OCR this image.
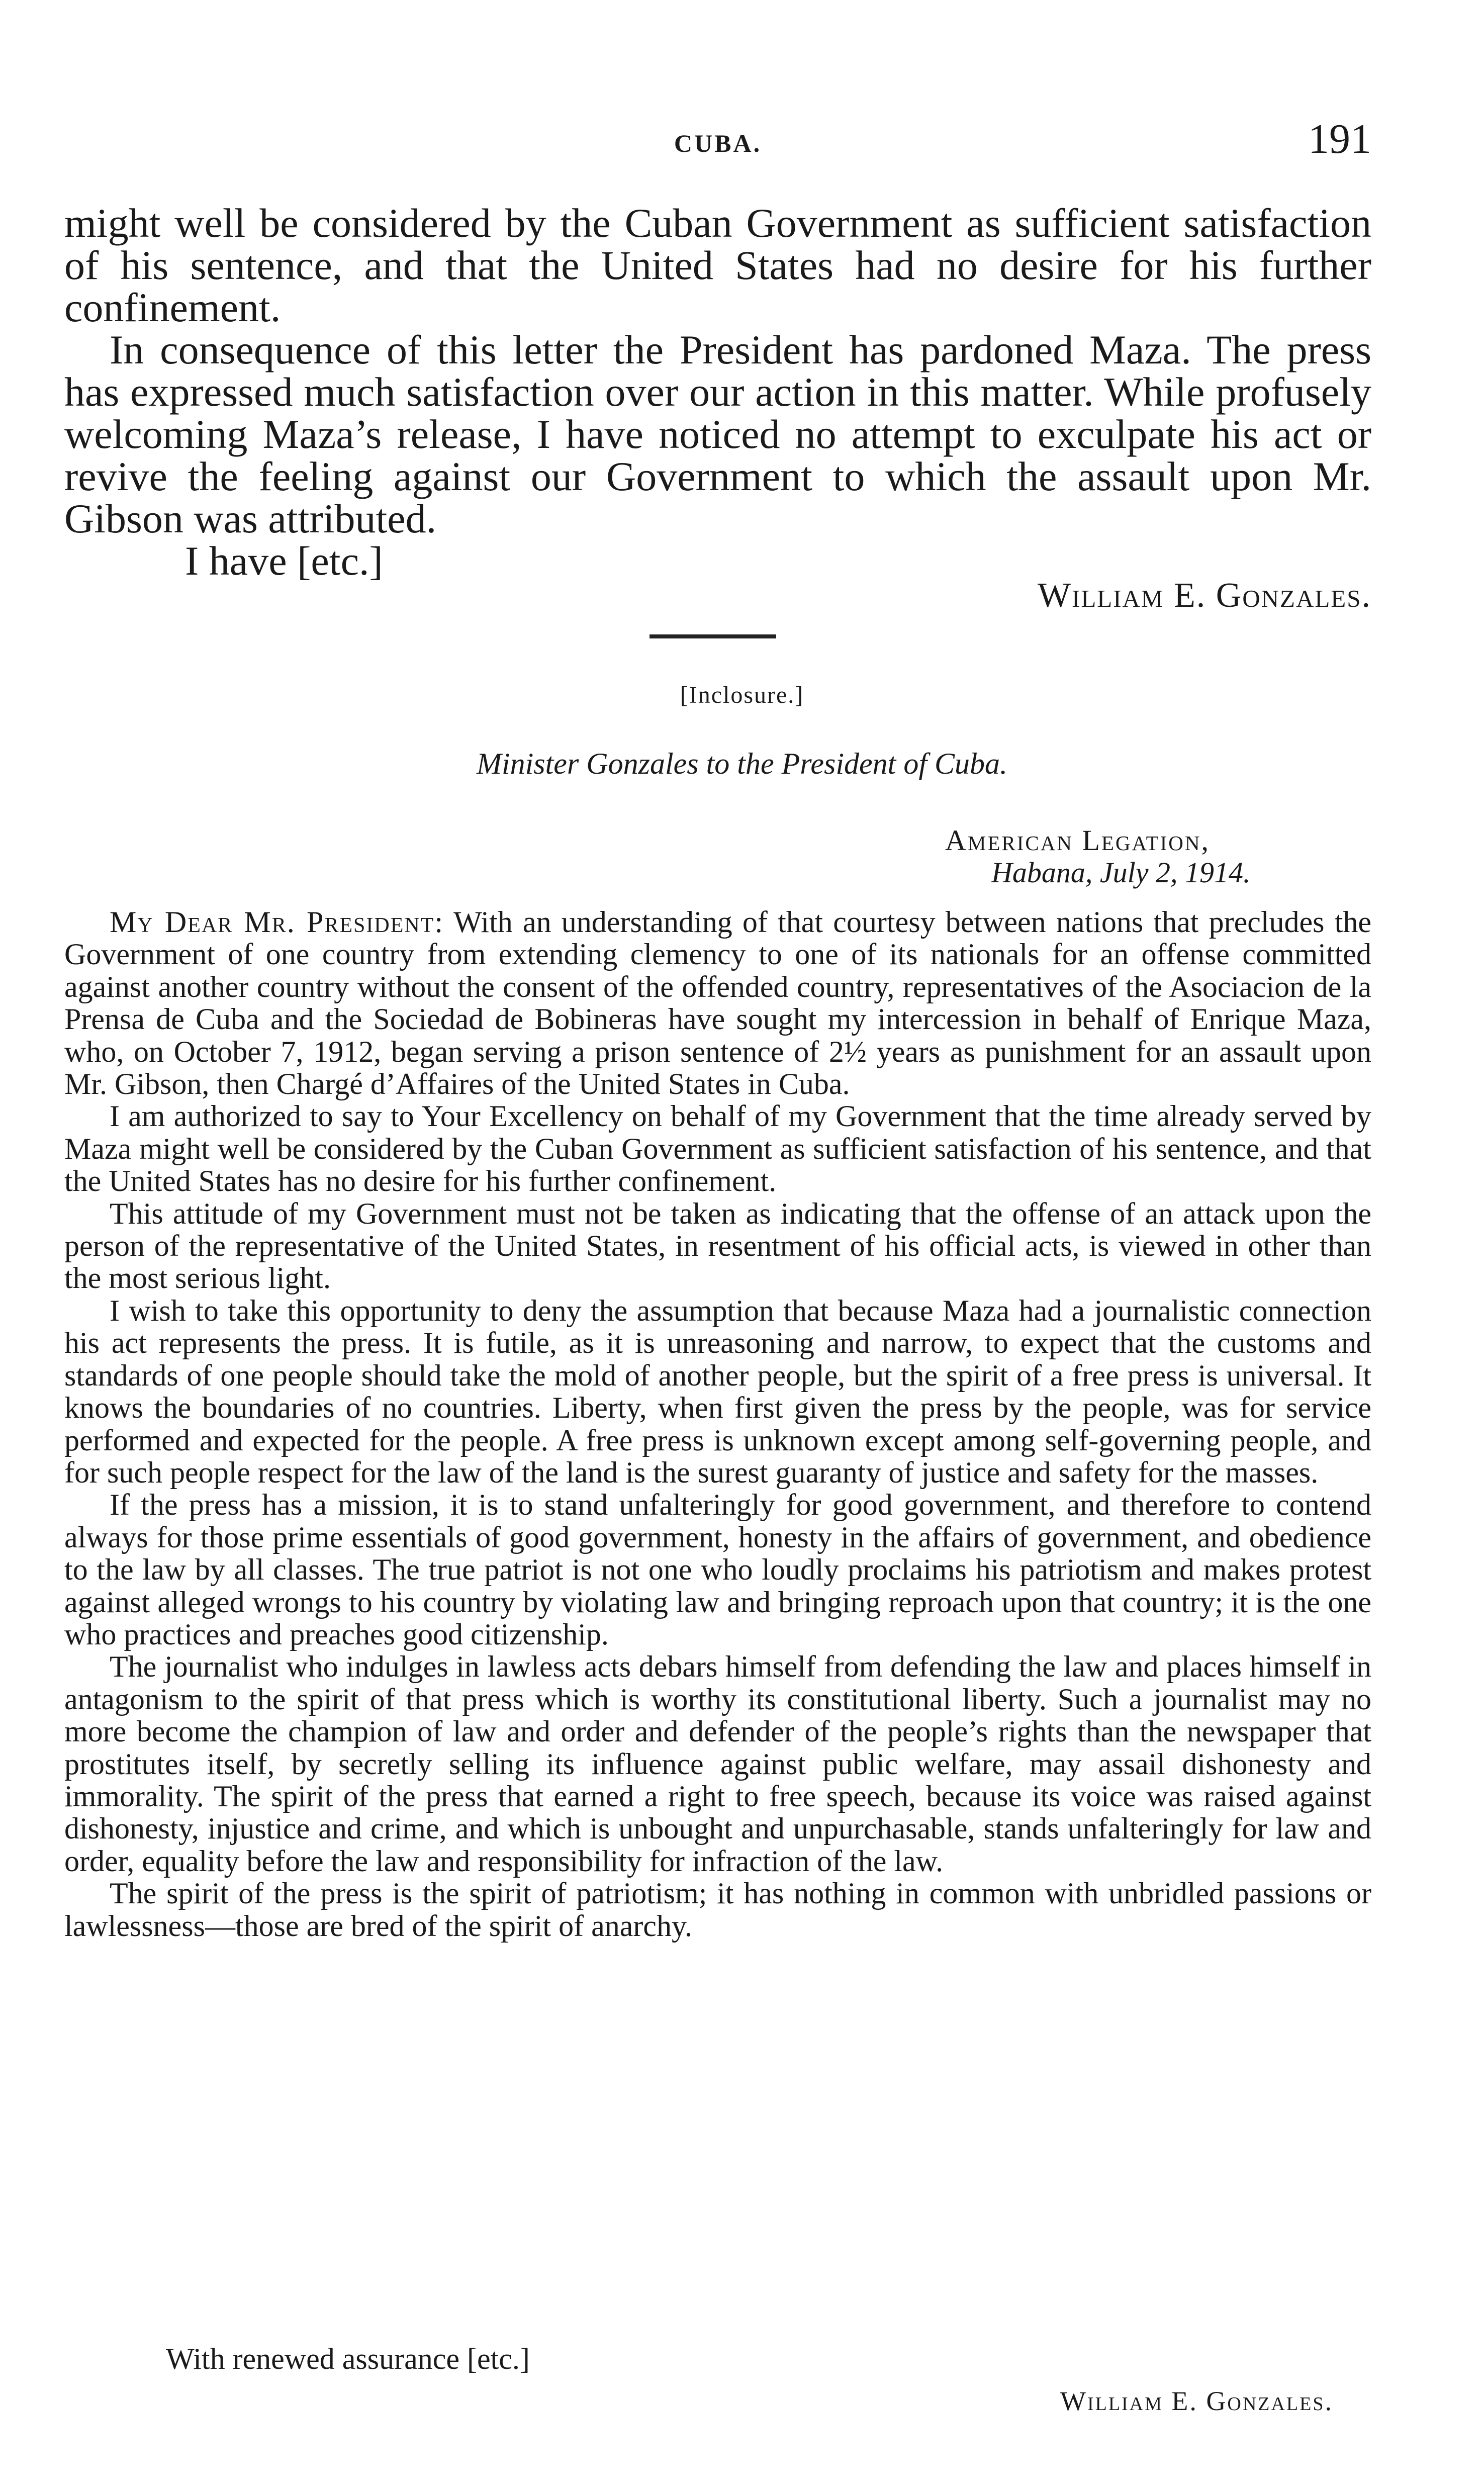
CUBA.	191

might well be considered by the Cuban Government as sufficient satisfaction of his sentence, and that the United States had no desire for his further confinement.

In consequence of this letter the President has pardoned Maza. The press has expressed much satisfaction over our action in this matter. While profusely welcoming Maza’s release, I have noticed no attempt to exculpate his act or revive the feeling against our Government to which the assault upon Mr. Gibson was attributed.

I have [etc.]

William E. Gonzales.
[Inclosure.]
Minister Gonzales to the President of Cuba.
American Legation,
Habana, July 2, 1914.

My Dear Mr. President: With an understanding of that courtesy between nations that precludes the Government of one country from extending clemency to one of its nationals for an offense committed against another country without the consent of the offended country, representatives of the Asociacion de la Prensa de Cuba and the Sociedad de Bobineras have sought my intercession in behalf of Enrique Maza, who, on October 7, 1912, began serving a prison sentence of 2½ years as punishment for an assault upon Mr. Gibson, then Chargé d’Affaires of the United States in Cuba.

I am authorized to say to Your Excellency on behalf of my Government that the time already served by Maza might well be considered by the Cuban Government as sufficient satisfaction of his sentence, and that the United States has no desire for his further confinement.

This attitude of my Government must not be taken as indicating that the offense of an attack upon the person of the representative of the United States, in resentment of his official acts, is viewed in other than the most serious light.

I wish to take this opportunity to deny the assumption that because Maza had a journalistic connection his act represents the press. It is futile, as it is unreasoning and narrow, to expect that the customs and standards of one people should take the mold of another people, but the spirit of a free press is universal. It knows the boundaries of no countries. Liberty, when first given the press by the people, was for service performed and expected for the people. A free press is unknown except among self-governing people, and for such people respect for the law of the land is the surest guaranty of justice and safety for the masses.

If the press has a mission, it is to stand unfalteringly for good government, and therefore to contend always for those prime essentials of good government, honesty in the affairs of government, and obedience to the law by all classes. The true patriot is not one who loudly proclaims his patriotism and makes protest against alleged wrongs to his country by violating law and bringing reproach upon that country; it is the one who practices and preaches good citizenship.

The journalist who indulges in lawless acts debars himself from defending the law and places himself in antagonism to the spirit of that press which is worthy its constitutional liberty. Such a journalist may no more become the champion of law and order and defender of the people’s rights than the newspaper that prostitutes itself, by secretly selling its influence against public welfare, may assail dishonesty and immorality. The spirit of the press that earned a right to free speech, because its voice was raised against dishonesty, injustice and crime, and which is unbought and unpurchasable, stands unfalteringly for law and order, equality before the law and responsibility for infraction of the law.

The spirit of the press is the spirit of patriotism; it has nothing in common with unbridled passions or lawlessness—those are bred of the spirit of anarchy.

With renewed assurance [etc.]
William E. Gonzales.
